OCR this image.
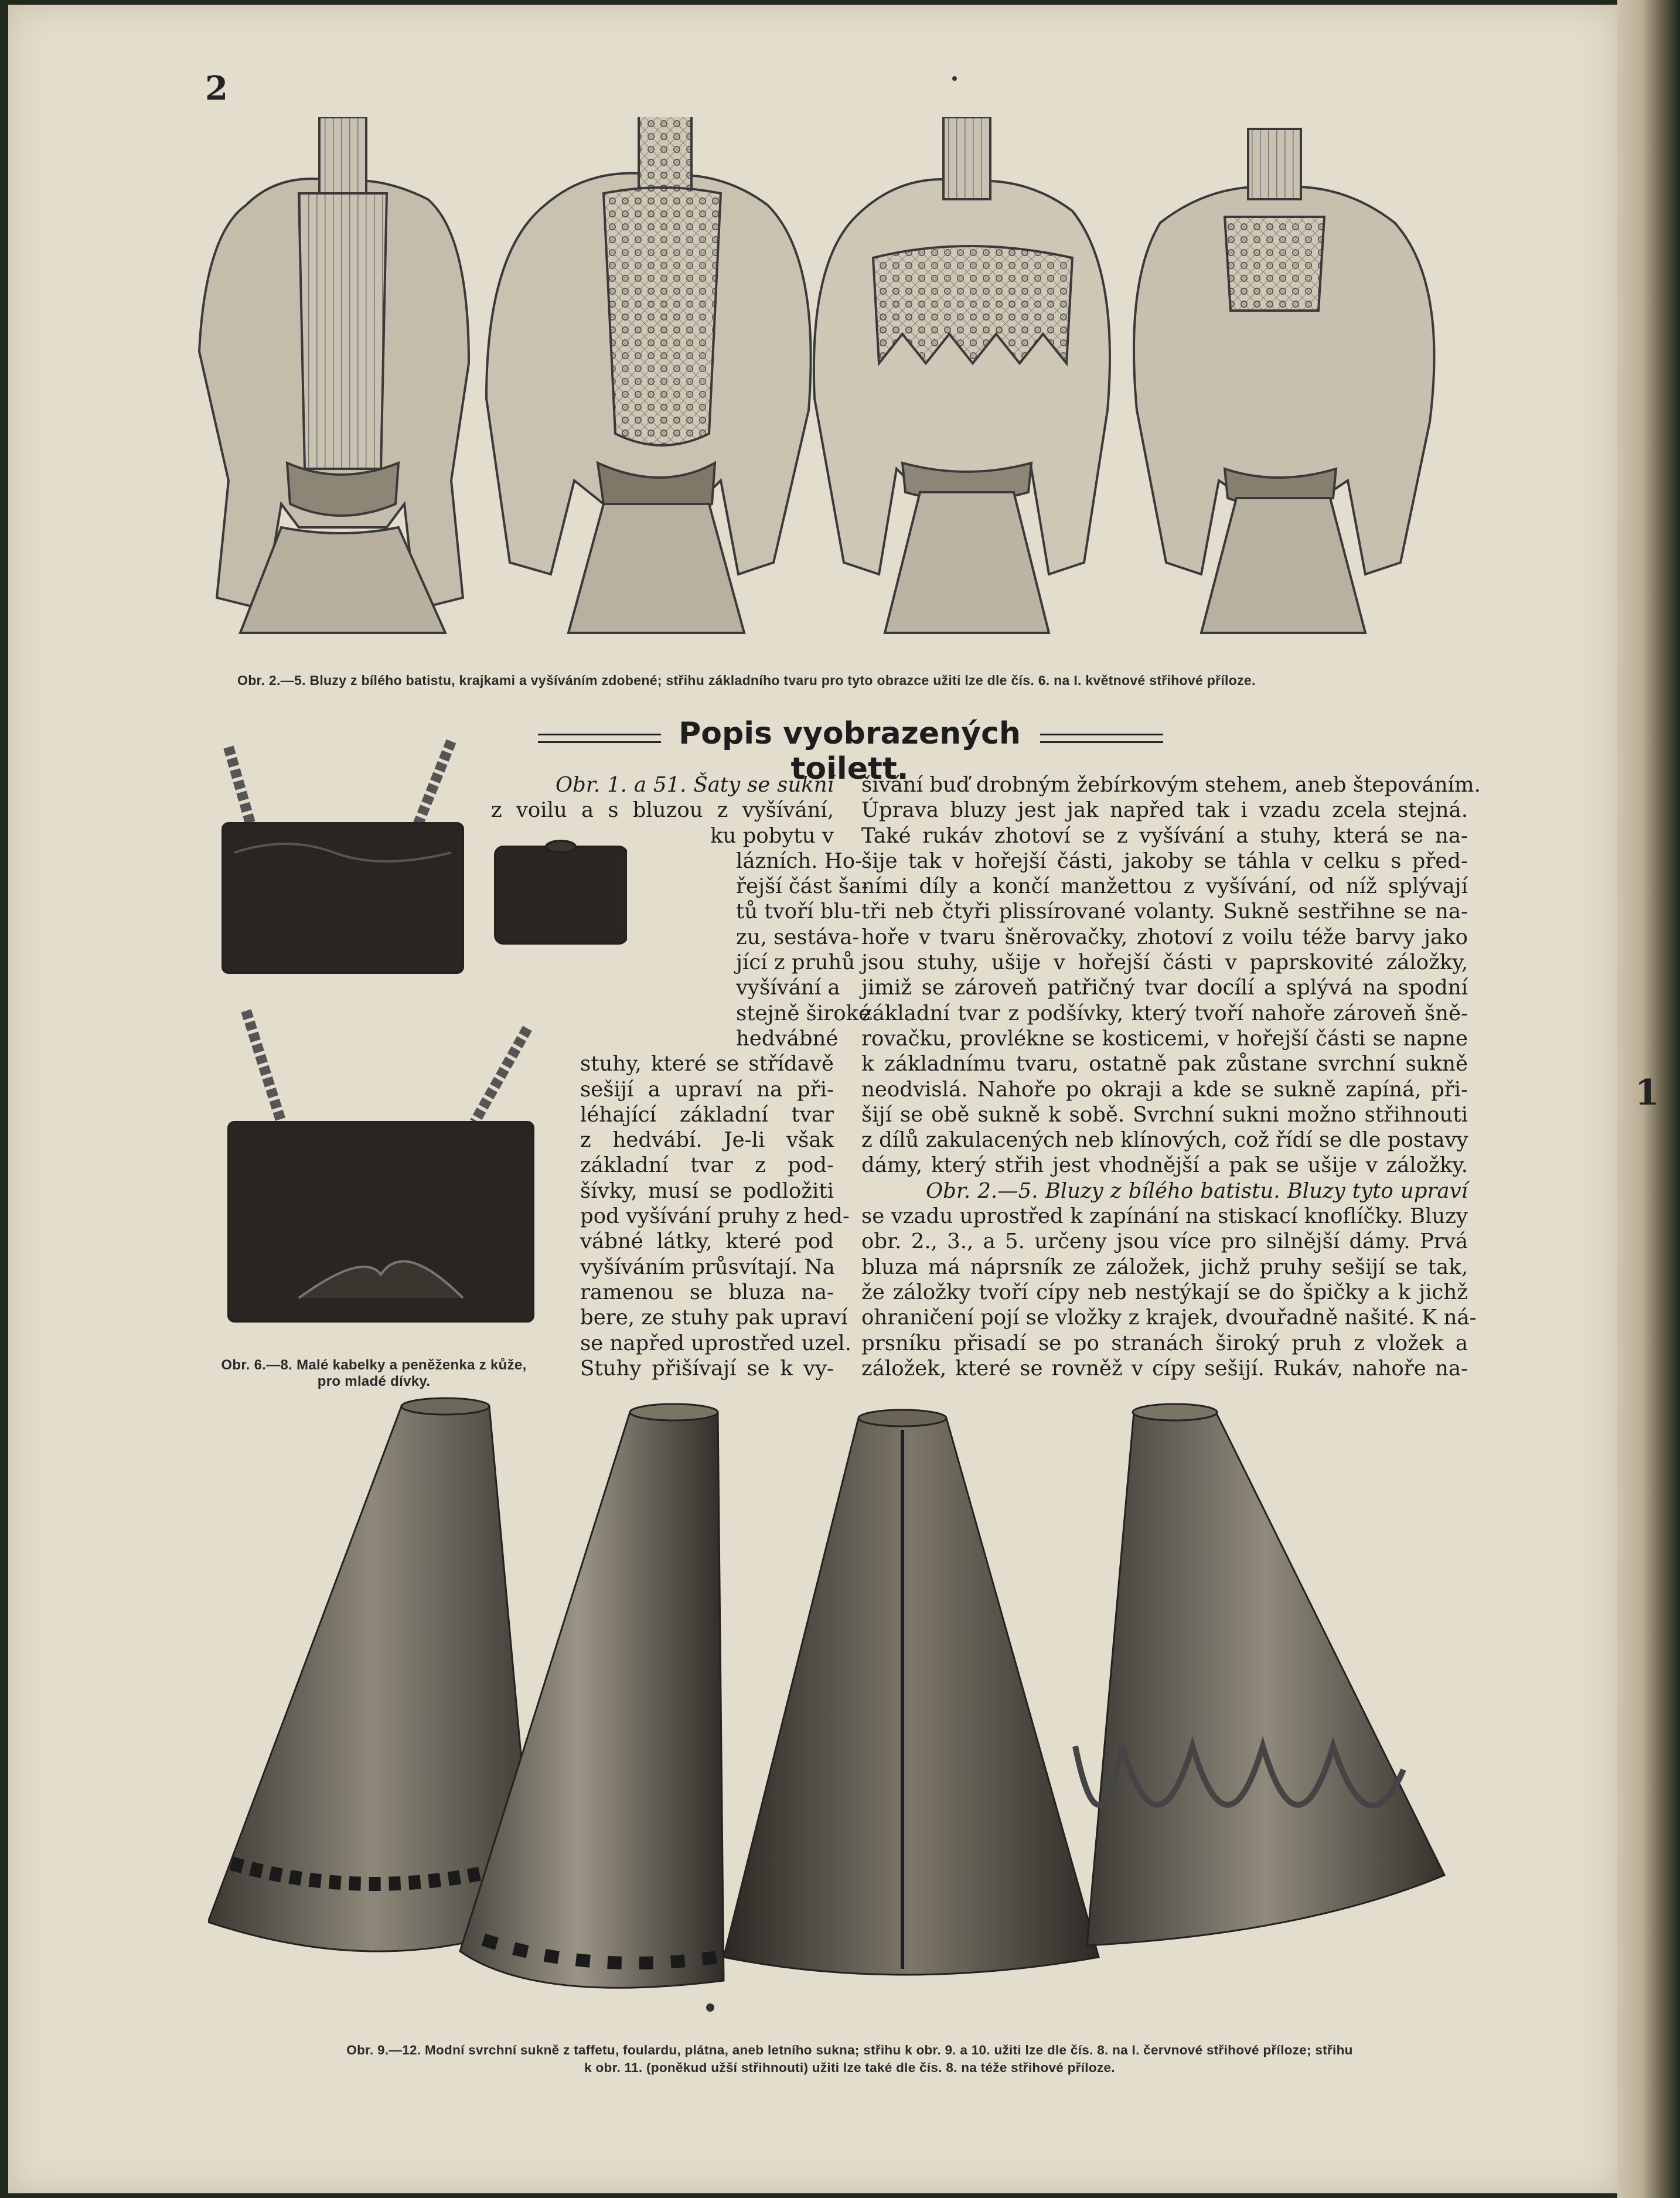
1
2
Obr. 2.—5. Bluzy z bílého batistu, krajkami a vyšíváním zdobené; střihu základního tvaru pro tyto obrazce užiti lze dle čís. 6. na I. květnové střihové příloze.
Obr. 6.—8. Malé kabelky a peněženka z kůže,
pro mladé dívky.
Popis vyobrazených toilett.
Obr. 1. a 51. Šaty se sukní
z voilu a s bluzou z vyšívání,
ku pobytu v
lázních. Ho-
řejší část ša-
tů tvoří blu-
zu, sestáva-
jící z pruhů
vyšívání a
stejně široké
hedvábné
stuhy, které se střídavě
sešijí a upraví na při-
léhající základní tvar
z hedvábí. Je-li však
základní tvar z pod-
šívky, musí se podložiti
pod vyšívání pruhy z hed-
vábné látky, které pod
vyšíváním průsvítají. Na
ramenou se bluza na-
bere, ze stuhy pak upraví
se napřed uprostřed uzel.
Stuhy přišívají se k vy-
šívání buď drobným žebírkovým stehem, aneb štepováním.
Úprava bluzy jest jak napřed tak i vzadu zcela stejná.
Také rukáv zhotoví se z vyšívání a stuhy, která se na-
šije tak v hořejší části, jakoby se táhla v celku s před-
ními díly a končí manžettou z vyšívání, od níž splývají
tři neb čtyři plissírované volanty. Sukně sestřihne se na-
hoře v tvaru šněrovačky, zhotoví z voilu téže barvy jako
jsou stuhy, ušije v hořejší části v paprskovité záložky,
jimiž se zároveň patřičný tvar docílí a splývá na spodní
základní tvar z podšívky, který tvoří nahoře zároveň šně-
rovačku, provlékne se kosticemi, v hořejší části se napne
k základnímu tvaru, ostatně pak zůstane svrchní sukně
neodvislá. Nahoře po okraji a kde se sukně zapíná, při-
šijí se obě sukně k sobě. Svrchní sukni možno střihnouti
z dílů zakulacených neb klínových, což řídí se dle postavy
dámy, který střih jest vhodnější a pak se ušije v záložky.
Obr. 2.—5. Bluzy z bílého batistu. Bluzy tyto upraví
se vzadu uprostřed k zapínání na stiskací knoflíčky. Bluzy
obr. 2., 3., a 5. určeny jsou více pro silnější dámy. Prvá
bluza má náprsník ze záložek, jichž pruhy sešijí se tak,
že záložky tvoří cípy neb nestýkají se do špičky a k jichž
ohraničení pojí se vložky z krajek, dvouřadně našité. K ná-
prsníku přisadí se po stranách široký pruh z vložek a
záložek, které se rovněž v cípy sešijí. Rukáv, nahoře na-
Obr. 9.—12. Modní svrchní sukně z taffetu, foulardu, plátna, aneb letního sukna; střihu k obr. 9. a 10. užiti lze dle čís. 8. na I. červnové střihové příloze; střihu
k obr. 11. (poněkud užší střihnouti) užiti lze také dle čís. 8. na téže střihové příloze.
